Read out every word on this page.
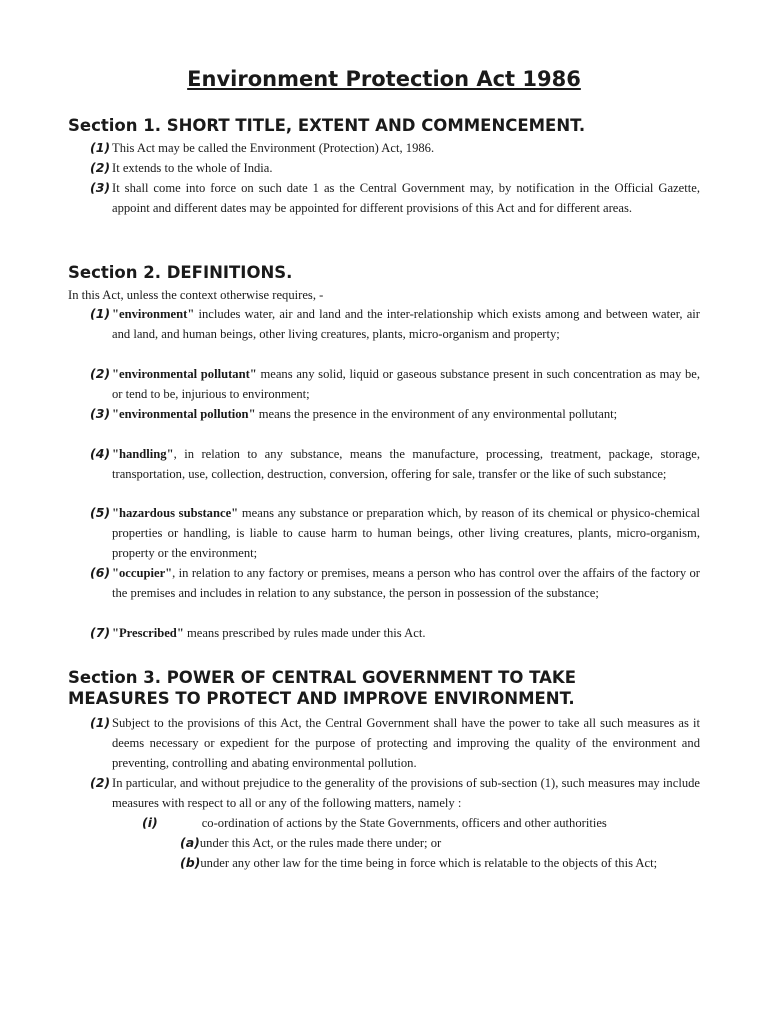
Environment Protection Act 1986
Section 1. SHORT TITLE, EXTENT AND COMMENCEMENT.
(1) This Act may be called the Environment (Protection) Act, 1986.
(2) It extends to the whole of India.
(3) It shall come into force on such date 1 as the Central Government may, by notification in the Official Gazette, appoint and different dates may be appointed for different provisions of this Act and for different areas.
Section 2. DEFINITIONS.
In this Act, unless the context otherwise requires, -
(1) "environment" includes water, air and land and the inter-relationship which exists among and between water, air and land, and human beings, other living creatures, plants, micro-organism and property;
(2) "environmental pollutant" means any solid, liquid or gaseous substance present in such concentration as may be, or tend to be, injurious to environment;
(3) "environmental pollution" means the presence in the environment of any environmental pollutant;
(4) "handling", in relation to any substance, means the manufacture, processing, treatment, package, storage, transportation, use, collection, destruction, conversion, offering for sale, transfer or the like of such substance;
(5) "hazardous substance" means any substance or preparation which, by reason of its chemical or physico-chemical properties or handling, is liable to cause harm to human beings, other living creatures, plants, micro-organism, property or the environment;
(6) "occupier", in relation to any factory or premises, means a person who has control over the affairs of the factory or the premises and includes in relation to any substance, the person in possession of the substance;
(7) "Prescribed" means prescribed by rules made under this Act.
Section 3. POWER OF CENTRAL GOVERNMENT TO TAKE
MEASURES TO PROTECT AND IMPROVE ENVIRONMENT.
(1) Subject to the provisions of this Act, the Central Government shall have the power to take all such measures as it deems necessary or expedient for the purpose of protecting and improving the quality of the environment and preventing, controlling and abating environmental pollution.
(2) In particular, and without prejudice to the generality of the provisions of sub-section (1), such measures may include measures with respect to all or any of the following matters, namely :
(i)	co-ordination of actions by the State Governments, officers and other authorities
(a)under this Act, or the rules made there under; or
(b)under any other law for the time being in force which is relatable to the objects of this Act;
